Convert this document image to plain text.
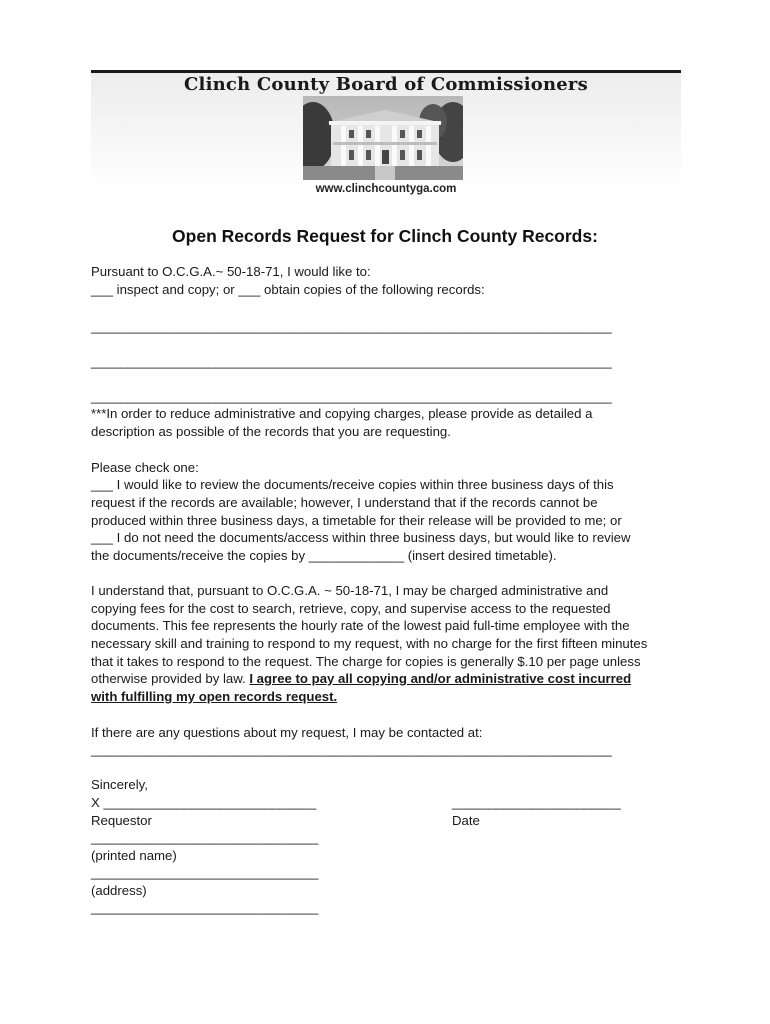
Clinch County Board of Commissioners
www.clinchcountyga.com
Open Records Request for Clinch County Records:
Pursuant to O.C.G.A.~ 50-18-71, I would like to:
___ inspect and copy; or ___ obtain copies of the following records:
_______________________________________________________________________
_______________________________________________________________________
_______________________________________________________________________
***In order to reduce administrative and copying charges, please provide as detailed a
description as possible of the records that you are requesting.
Please check one:
___ I would like to review the documents/receive copies within three business days of this
request if the records are available; however, I understand that if the records cannot be
produced within three business days, a timetable for their release will be provided to me; or
___ I do not need the documents/access within three business days, but would like to review
the documents/receive the copies by _____________ (insert desired timetable).
I understand that, pursuant to O.C.G.A. ~ 50-18-71, I may be charged administrative and
copying fees for the cost to search, retrieve, copy, and supervise access to the requested
documents. This fee represents the hourly rate of the lowest paid full-time employee with the
necessary skill and training to respond to my request, with no charge for the first fifteen minutes
that it takes to respond to the request. The charge for copies is generally $.10 per page unless
otherwise provided by law. I agree to pay all copying and/or administrative cost incurred
with fulfilling my open records request.
If there are any questions about my request, I may be contacted at:
_______________________________________________________________________
Sincerely,
X _____________________________	_______________________
Requestor	Date
_______________________________
(printed name)
_______________________________
(address)
_______________________________
